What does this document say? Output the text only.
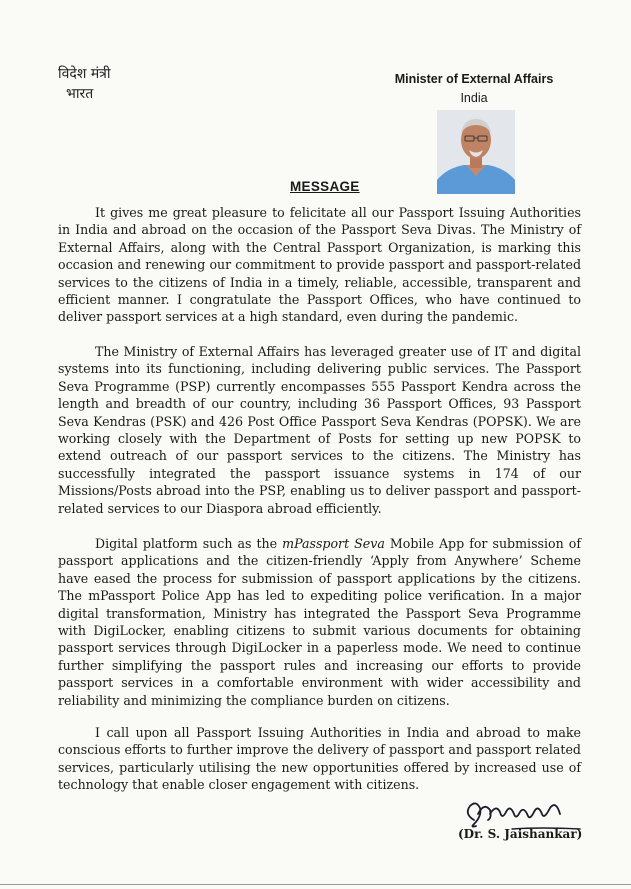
विदेश मंत्री
भारत
Minister of External Affairs
India
MESSAGE

It gives me great pleasure to felicitate all our Passport Issuing Authorities in India and abroad on the occasion of the Passport Seva Divas. The Ministry of External Affairs, along with the Central Passport Organization, is marking this occasion and renewing our commitment to provide passport and passport-related services to the citizens of India in a timely, reliable, accessible, transparent and efficient manner. I congratulate the Passport Offices, who have continued to deliver passport services at a high standard, even during the pandemic.

The Ministry of External Affairs has leveraged greater use of IT and digital systems into its functioning, including delivering public services. The Passport Seva Programme (PSP) currently encompasses 555 Passport Kendra across the length and breadth of our country, including 36 Passport Offices, 93 Passport Seva Kendras (PSK) and 426 Post Office Passport Seva Kendras (POPSK). We are working closely with the Department of Posts for setting up new POPSK to extend outreach of our passport services to the citizens. The Ministry has successfully integrated the passport issuance systems in 174 of our Missions/Posts abroad into the PSP, enabling us to deliver passport and passport-related services to our Diaspora abroad efficiently.

Digital platform such as the mPassport Seva Mobile App for submission of passport applications and the citizen-friendly ‘Apply from Anywhere’ Scheme have eased the process for submission of passport applications by the citizens. The mPassport Police App has led to expediting police verification. In a major digital transformation, Ministry has integrated the Passport Seva Programme with DigiLocker, enabling citizens to submit various documents for obtaining passport services through DigiLocker in a paperless mode. We need to continue further simplifying the passport rules and increasing our efforts to provide passport services in a comfortable environment with wider accessibility and reliability and minimizing the compliance burden on citizens.

I call upon all Passport Issuing Authorities in India and abroad to make conscious efforts to further improve the delivery of passport and passport related services, particularly utilising the new opportunities offered by increased use of technology that enable closer engagement with citizens.

(Dr. S. Jaishankar)
